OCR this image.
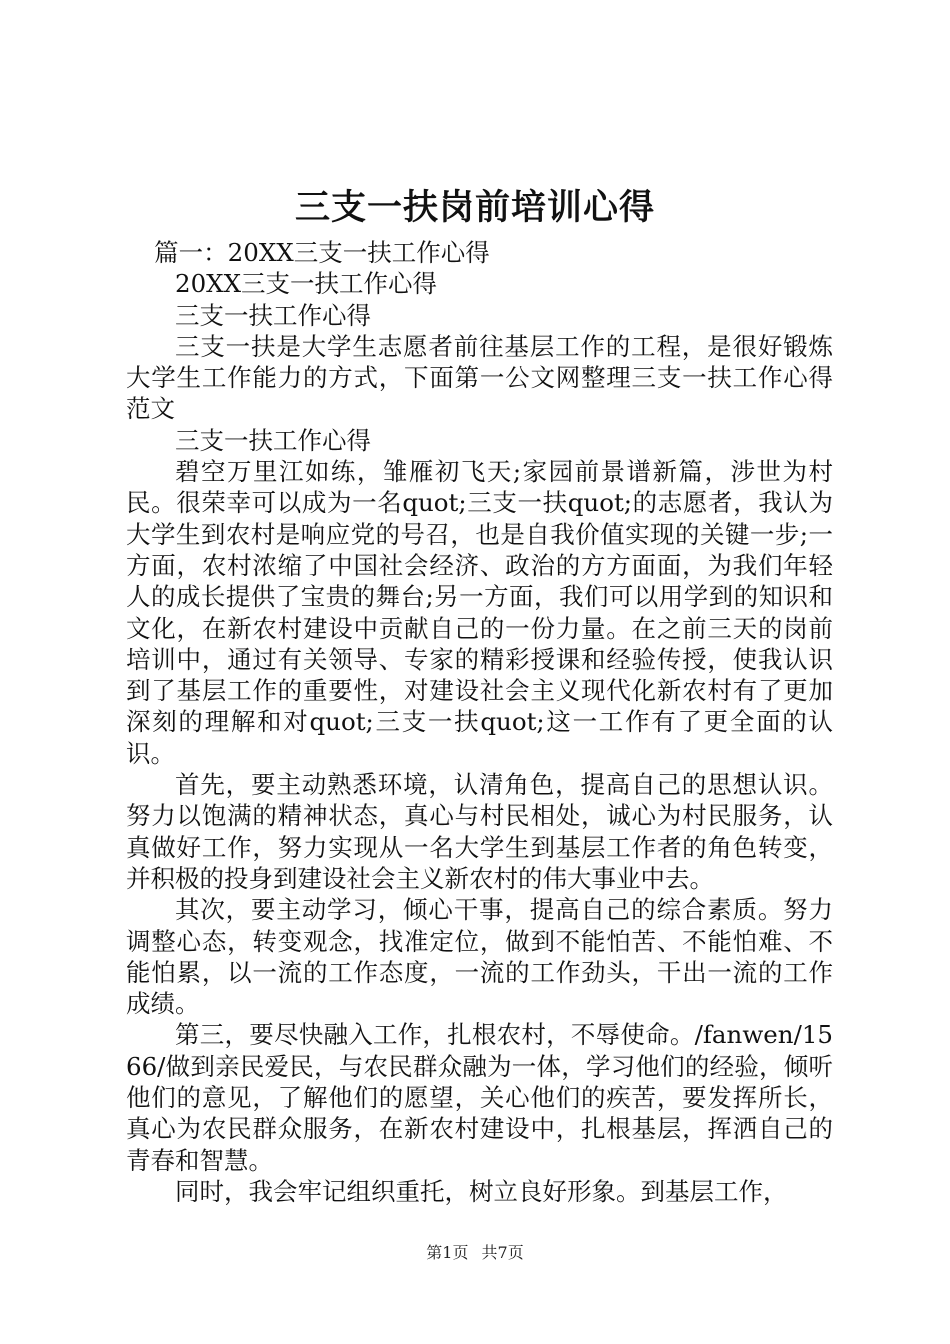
三支一扶岗前培训心得

篇一：20XX三支一扶工作心得

20XX三支一扶工作心得

三支一扶工作心得

三支一扶是大学生志愿者前往基层工作的工程，是很好锻炼大学生工作能力的方式，下面第一公文网整理三支一扶工作心得范文

三支一扶工作心得

碧空万里江如练，雏雁初飞天;家园前景谱新篇，涉世为村民。很荣幸可以成为一名quot;三支一扶quot;的志愿者，我认为大学生到农村是响应党的号召，也是自我价值实现的关键一步;一方面，农村浓缩了中国社会经济、政治的方方面面，为我们年轻人的成长提供了宝贵的舞台;另一方面，我们可以用学到的知识和文化，在新农村建设中贡献自己的一份力量。在之前三天的岗前培训中，通过有关领导、专家的精彩授课和经验传授，使我认识到了基层工作的重要性，对建设社会主义现代化新农村有了更加深刻的理解和对quot;三支一扶quot;这一工作有了更全面的认识。

首先，要主动熟悉环境，认清角色，提高自己的思想认识。努力以饱满的精神状态，真心与村民相处，诚心为村民服务，认真做好工作，努力实现从一名大学生到基层工作者的角色转变，并积极的投身到建设社会主义新农村的伟大事业中去。

其次，要主动学习，倾心干事，提高自己的综合素质。努力调整心态，转变观念，找准定位，做到不能怕苦、不能怕难、不能怕累，以一流的工作态度，一流的工作劲头，干出一流的工作成绩。

第三，要尽快融入工作，扎根农村，不辱使命。/fanwen/1566/做到亲民爱民，与农民群众融为一体，学习他们的经验，倾听他们的意见，了解他们的愿望，关心他们的疾苦，要发挥所长，真心为农民群众服务，在新农村建设中，扎根基层，挥洒自己的青春和智慧。

同时，我会牢记组织重托，树立良好形象。到基层工作，

第1页 共7页
